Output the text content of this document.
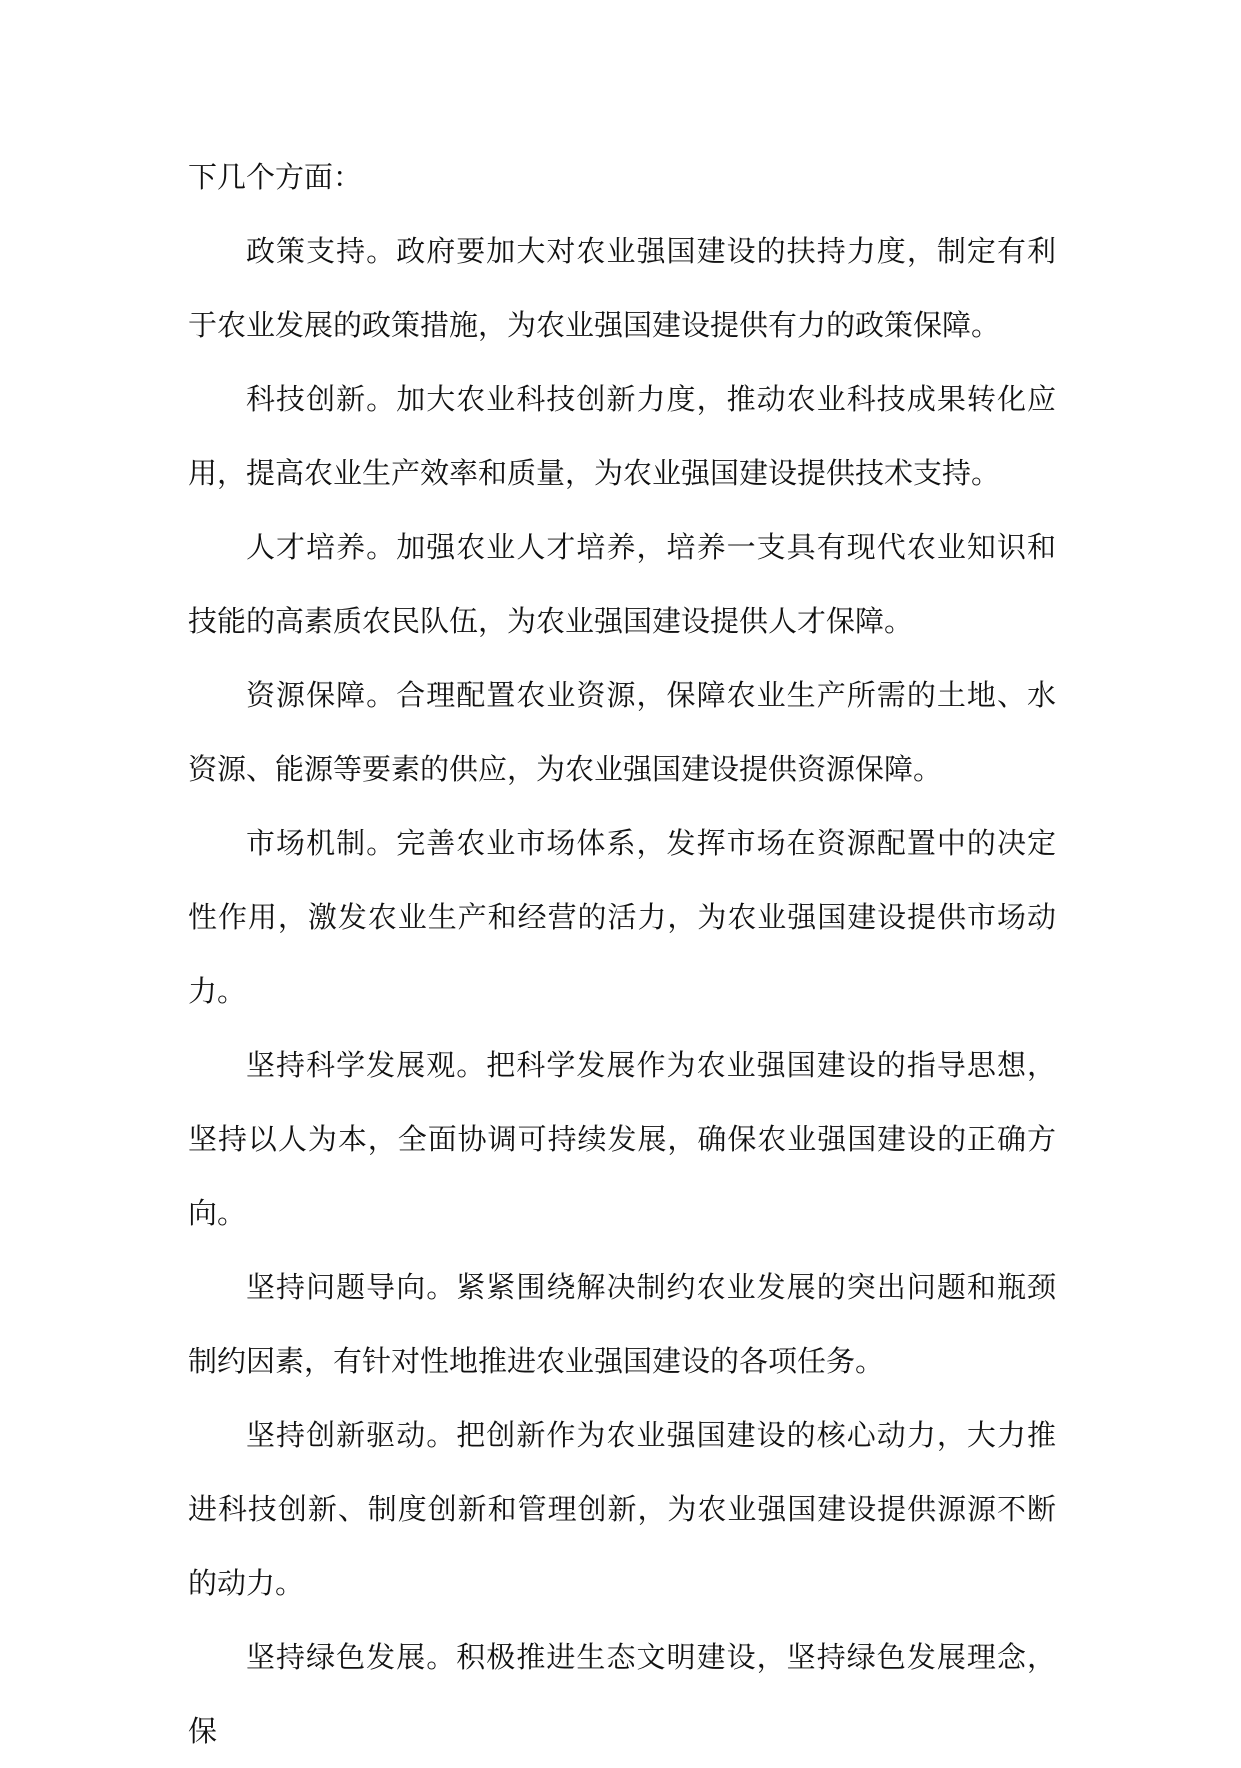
下几个方面：

政策支持。政府要加大对农业强国建设的扶持力度，制定有利于农业发展的政策措施，为农业强国建设提供有力的政策保障。

科技创新。加大农业科技创新力度，推动农业科技成果转化应用，提高农业生产效率和质量，为农业强国建设提供技术支持。

人才培养。加强农业人才培养，培养一支具有现代农业知识和技能的高素质农民队伍，为农业强国建设提供人才保障。

资源保障。合理配置农业资源，保障农业生产所需的土地、水资源、能源等要素的供应，为农业强国建设提供资源保障。

市场机制。完善农业市场体系，发挥市场在资源配置中的决定性作用，激发农业生产和经营的活力，为农业强国建设提供市场动力。

坚持科学发展观。把科学发展作为农业强国建设的指导思想，坚持以人为本，全面协调可持续发展，确保农业强国建设的正确方向。

坚持问题导向。紧紧围绕解决制约农业发展的突出问题和瓶颈制约因素，有针对性地推进农业强国建设的各项任务。

坚持创新驱动。把创新作为农业强国建设的核心动力，大力推进科技创新、制度创新和管理创新，为农业强国建设提供源源不断的动力。

坚持绿色发展。积极推进生态文明建设，坚持绿色发展理念，保
